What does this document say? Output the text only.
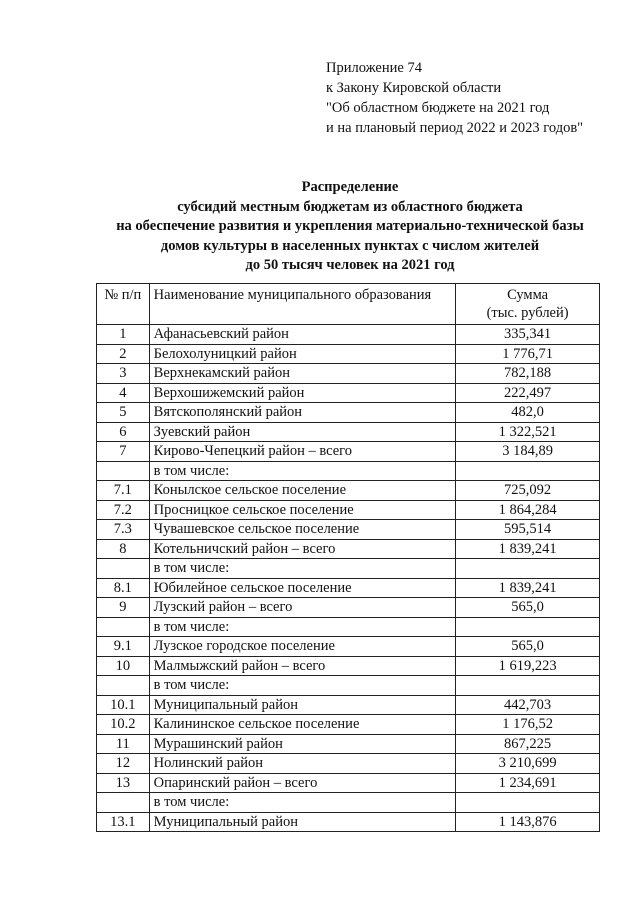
Приложение 74
к Закону Кировской области
"Об областном бюджете на 2021 год
и на плановый период 2022 и 2023 годов"
Распределение
субсидий местным бюджетам из областного бюджета
на обеспечение развития и укрепления материально-технической базы
домов культуры в населенных пунктах с числом жителей
до 50 тысяч человек на 2021 год
№ п/п	Наименование муниципального образования	Сумма
(тыс. рублей)

1	Афанасьевский район	335,341
2	Белохолуницкий район	1 776,71
3	Верхнекамский район	782,188
4	Верхошижемский район	222,497
5	Вятскополянский район	482,0
6	Зуевский район	1 322,521
7	Кирово-Чепецкий район – всего	3 184,89
	в том числе:	
7.1	Конылское сельское поселение	725,092
7.2	Просницкое сельское поселение	1 864,284
7.3	Чувашевское сельское поселение	595,514
8	Котельничский район – всего	1 839,241
	в том числе:	
8.1	Юбилейное сельское поселение	1 839,241
9	Лузский район – всего	565,0
	в том числе:	
9.1	Лузское городское поселение	565,0
10	Малмыжский район – всего	1 619,223
	в том числе:	
10.1	Муниципальный район	442,703
10.2	Калининское сельское поселение	1 176,52
11	Мурашинский район	867,225
12	Нолинский район	3 210,699
13	Опаринский район – всего	1 234,691
	в том числе:	
13.1	Муниципальный район	1 143,876
